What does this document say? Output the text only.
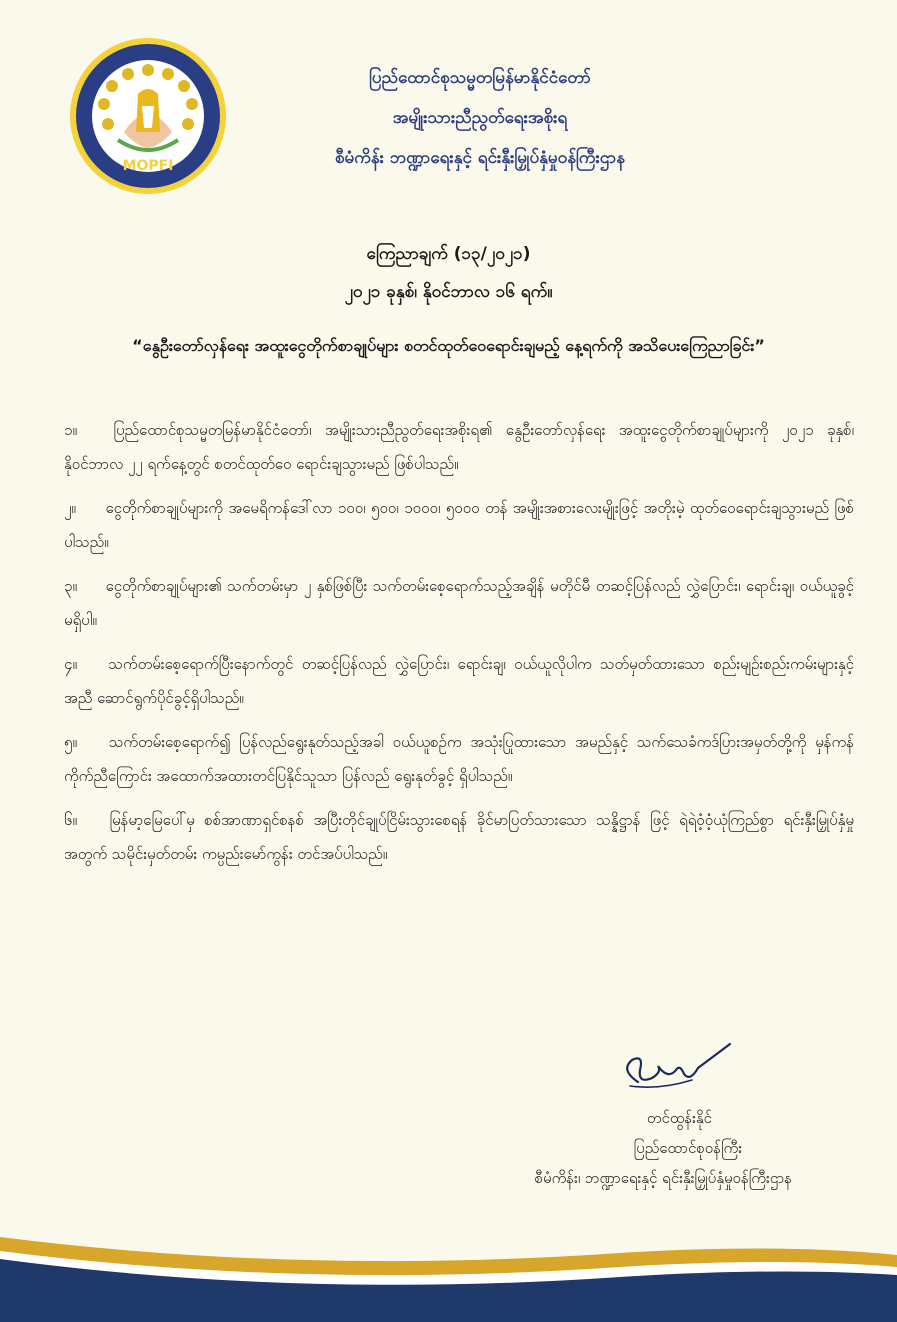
MOPFI
ပြည်ထောင်စုသမ္မတမြန်မာနိုင်ငံတော်
အမျိုးသားညီညွတ်ရေးအစိုးရ
စီမံကိန်း ဘဏ္ဍာရေးနှင့် ရင်းနှီးမြှုပ်နှံမှုဝန်ကြီးဌာန
ကြေညာချက် (၁၃/၂၀၂၁)
၂၀၂၁ ခုနှစ်၊ နိုဝင်ဘာလ ၁၆ ရက်။
“နွေဦးတော်လှန်ရေး အထူးငွေတိုက်စာချုပ်များ စတင်ထုတ်ဝေရောင်းချမည့် နေ့ရက်ကို အသိပေးကြေညာခြင်း”

၁။ ပြည်ထောင်စုသမ္မတမြန်မာနိုင်ငံတော်၊ အမျိုးသားညီညွတ်ရေးအစိုးရ၏ နွေဦးတော်လှန်ရေး အထူးငွေတိုက်စာချုပ်များကို ၂၀၂၁ ခုနှစ်၊ နိုဝင်ဘာလ ၂၂ ရက်နေ့တွင် စတင်ထုတ်ဝေ ရောင်းချသွားမည် ဖြစ်ပါသည်။

၂။ ငွေတိုက်စာချုပ်များကို အမေရိကန်ဒေါ်လာ ၁၀၀၊ ၅၀၀၊ ၁၀၀၀၊ ၅၀၀၀ တန် အမျိုးအစားလေးမျိုးဖြင့် အတိုးမဲ့ ထုတ်ဝေရောင်းချသွားမည် ဖြစ်ပါသည်။

၃။ ငွေတိုက်စာချုပ်များ၏ သက်တမ်းမှာ ၂ နှစ်ဖြစ်ပြီး သက်တမ်းစေ့ရောက်သည့်အချိန် မတိုင်မီ တဆင့်ပြန်လည် လွှဲပြောင်း၊ ရောင်းချ၊ ဝယ်ယူခွင့် မရှိပါ။

၄။ သက်တမ်းစေ့ရောက်ပြီးနောက်တွင် တဆင့်ပြန်လည် လွှဲပြောင်း၊ ရောင်းချ၊ ဝယ်ယူလိုပါက သတ်မှတ်ထားသော စည်းမျဉ်းစည်းကမ်းများနှင့်အညီ ဆောင်ရွက်ပိုင်ခွင့်ရှိပါသည်။

၅။ သက်တမ်းစေ့ရောက်၍ ပြန်လည်ရွေးနုတ်သည့်အခါ ဝယ်ယူစဉ်က အသုံးပြုထားသော အမည်နှင့် သက်သေခံကဒ်ပြားအမှတ်တို့ကို မှန်ကန်ကိုက်ညီကြောင်း အထောက်အထားတင်ပြနိုင်သူသာ ပြန်လည် ရွေးနုတ်ခွင့် ရှိပါသည်။

၆။ မြန်မာ့မြေပေါ်မှ စစ်အာဏာရှင်စနစ် အပြီးတိုင်ချုပ်ငြိမ်းသွားစေရန် ခိုင်မာပြတ်သားသော သန္နိဋ္ဌာန် ဖြင့် ရဲရဲဝံ့ဝံ့ယုံကြည်စွာ ရင်းနှီးမြှုပ်နှံမှုအတွက် သမိုင်းမှတ်တမ်း ကမ္ပည်းမော်ကွန်း တင်အပ်ပါသည်။

တင်ထွန်းနိုင်
ပြည်ထောင်စုဝန်ကြီး
စီမံကိန်း၊ ဘဏ္ဍာရေးနှင့် ရင်းနှီးမြှုပ်နှံမှုဝန်ကြီးဌာန
